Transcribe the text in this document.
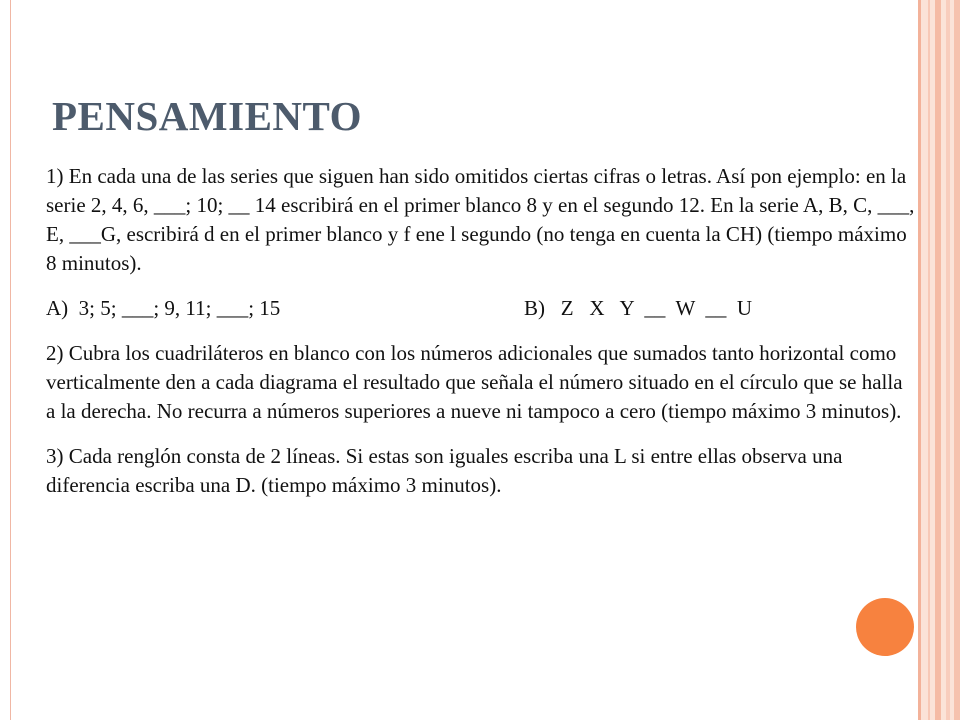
PENSAMIENTO

1) En cada una de las series que siguen han sido omitidos ciertas cifras o letras. Así pon ejemplo: en la serie 2, 4, 6, ___; 10; __ 14 escribirá en el primer blanco 8 y en el segundo 12. En la serie A, B, C, ___, E, ___G, escribirá d en el primer blanco y f ene l segundo (no tenga en cuenta la CH) (tiempo máximo 8 minutos).

A)  3; 5; ___; 9, 11; ___; 15	B)   Z   X   Y  __  W  __  U

2) Cubra los cuadriláteros en blanco con los números adicionales que sumados tanto horizontal como verticalmente den a cada diagrama el resultado que señala el número situado en el círculo que se halla a la derecha. No recurra a números superiores a nueve ni tampoco a cero (tiempo máximo 3 minutos).

3) Cada renglón consta de 2 líneas. Si estas son iguales escriba una L si entre ellas observa una diferencia escriba una D. (tiempo máximo 3 minutos).
